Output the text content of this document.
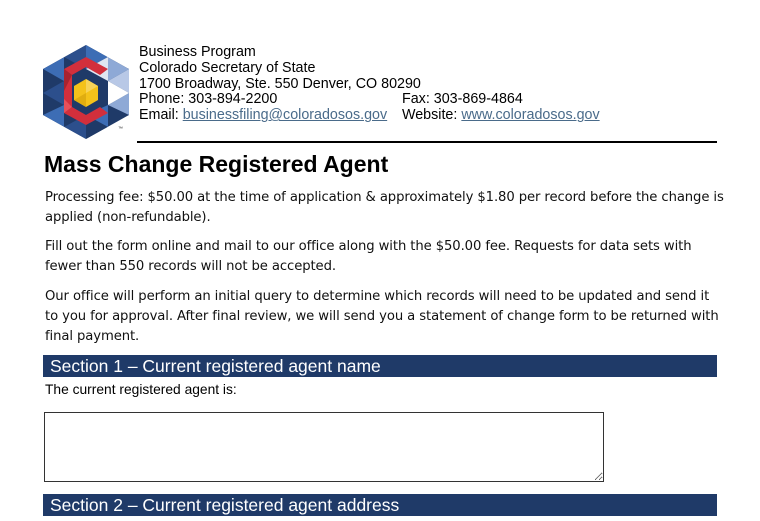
™
Business Program
Colorado Secretary of State
1700 Broadway, Ste. 550 Denver, CO 80290
Phone: 303-894-2200	Fax: 303-869-4864
Email: businessfiling@coloradosos.gov Website: www.coloradosos.gov
Mass Change Registered Agent

Processing fee: $50.00 at the time of application & approximately $1.80 per record before the change is applied (non-refundable).

Fill out the form online and mail to our office along with the $50.00 fee. Requests for data sets with fewer than 550 records will not be accepted.

Our office will perform an initial query to determine which records will need to be updated and send it to you for approval. After final review, we will send you a statement of change form to be returned with final payment.

Section 1 – Current registered agent name
The current registered agent is:
Section 2 – Current registered agent address
